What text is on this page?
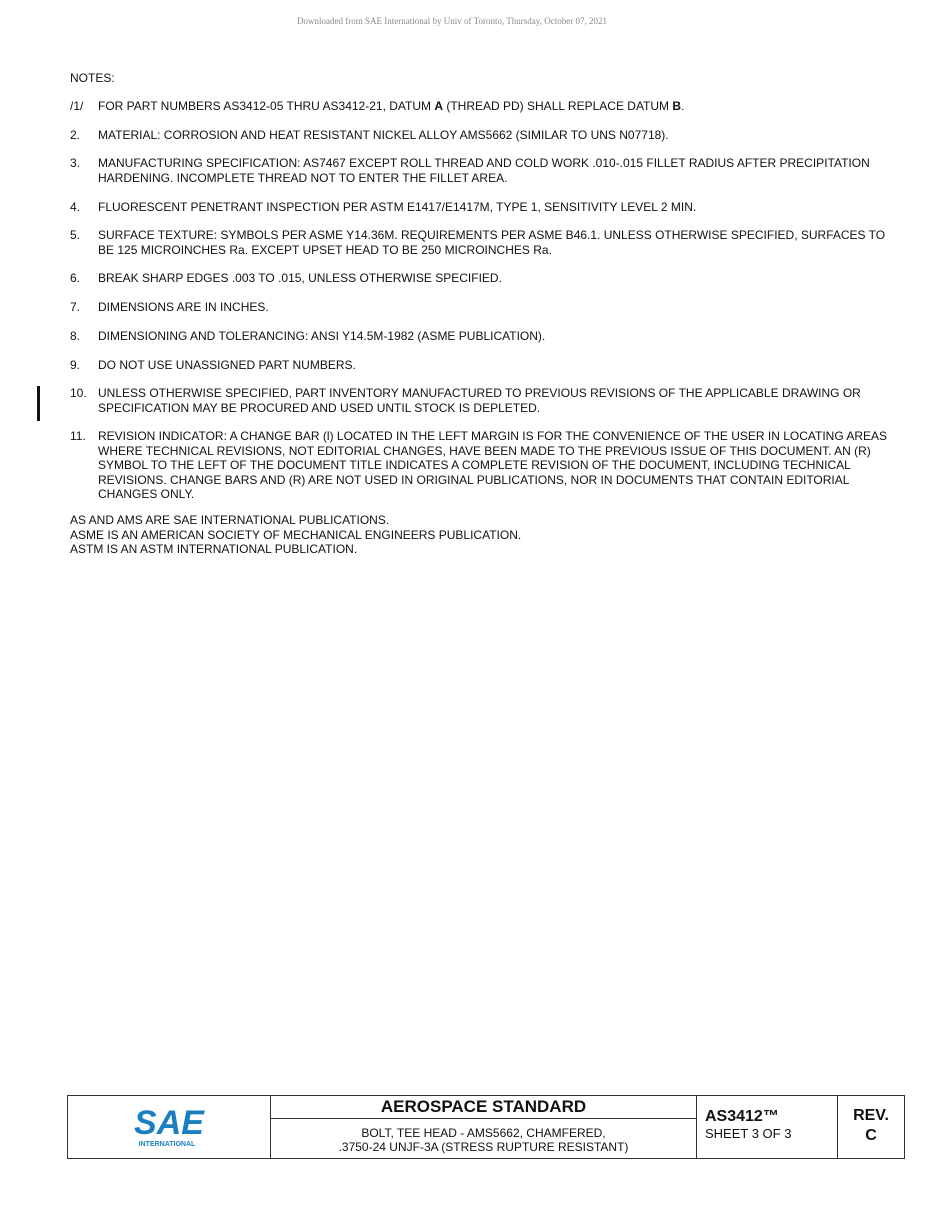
Downloaded from SAE International by Univ of Toronto, Thursday, October 07, 2021
NOTES:
/1/	FOR PART NUMBERS AS3412-05 THRU AS3412-21, DATUM A (THREAD PD) SHALL REPLACE DATUM B.
2.	MATERIAL: CORROSION AND HEAT RESISTANT NICKEL ALLOY AMS5662 (SIMILAR TO UNS N07718).
3.	MANUFACTURING SPECIFICATION: AS7467 EXCEPT ROLL THREAD AND COLD WORK .010-.015 FILLET RADIUS AFTER PRECIPITATION HARDENING. INCOMPLETE THREAD NOT TO ENTER THE FILLET AREA.
4.	FLUORESCENT PENETRANT INSPECTION PER ASTM E1417/E1417M, TYPE 1, SENSITIVITY LEVEL 2 MIN.
5.	SURFACE TEXTURE: SYMBOLS PER ASME Y14.36M. REQUIREMENTS PER ASME B46.1. UNLESS OTHERWISE SPECIFIED, SURFACES TO BE 125 MICROINCHES Ra. EXCEPT UPSET HEAD TO BE 250 MICROINCHES Ra.
6.	BREAK SHARP EDGES .003 TO .015, UNLESS OTHERWISE SPECIFIED.
7.	DIMENSIONS ARE IN INCHES.
8.	DIMENSIONING AND TOLERANCING: ANSI Y14.5M-1982 (ASME PUBLICATION).
9.	DO NOT USE UNASSIGNED PART NUMBERS.
10. UNLESS OTHERWISE SPECIFIED, PART INVENTORY MANUFACTURED TO PREVIOUS REVISIONS OF THE APPLICABLE DRAWING OR SPECIFICATION MAY BE PROCURED AND USED UNTIL STOCK IS DEPLETED.
11.	REVISION INDICATOR: A CHANGE BAR (l) LOCATED IN THE LEFT MARGIN IS FOR THE CONVENIENCE OF THE USER IN LOCATING AREAS WHERE TECHNICAL REVISIONS, NOT EDITORIAL CHANGES, HAVE BEEN MADE TO THE PREVIOUS ISSUE OF THIS DOCUMENT. AN (R) SYMBOL TO THE LEFT OF THE DOCUMENT TITLE INDICATES A COMPLETE REVISION OF THE DOCUMENT, INCLUDING TECHNICAL REVISIONS. CHANGE BARS AND (R) ARE NOT USED IN ORIGINAL PUBLICATIONS, NOR IN DOCUMENTS THAT CONTAIN EDITORIAL CHANGES ONLY.
AS AND AMS ARE SAE INTERNATIONAL PUBLICATIONS.
ASME IS AN AMERICAN SOCIETY OF MECHANICAL ENGINEERS PUBLICATION.
ASTM IS AN ASTM INTERNATIONAL PUBLICATION.
SAE
INTERNATIONAL
AEROSPACE STANDARD
BOLT, TEE HEAD - AMS5662, CHAMFERED,
.3750-24 UNJF-3A (STRESS RUPTURE RESISTANT)
AS3412™
SHEET 3 OF 3
REV.
C
